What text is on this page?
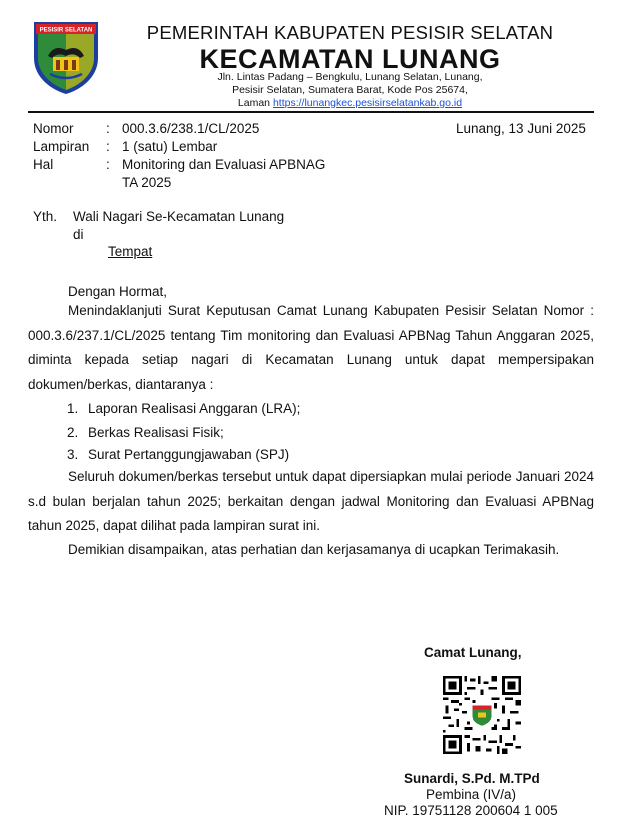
PESISIR SELATAN	PEMERINTAH KABUPATEN PESISIR SELATAN
KECAMATAN LUNANG
Jln. Lintas Padang – Bengkulu, Lunang Selatan, Lunang,
Pesisir Selatan, Sumatera Barat, Kode Pos 25674,
Laman https://lunangkec.pesisirselatankab.go.id
Nomor : 000.3.6/238.1/CL/2025	Lunang, 13 Juni 2025
Lampiran : 1 (satu) Lembar
Hal	: Monitoring dan Evaluasi APBNAG
TA 2025
Yth. Wali Nagari Se-Kecamatan Lunang
di
Tempat
Dengan Hormat,
Menindaklanjuti Surat Keputusan Camat Lunang Kabupaten Pesisir Selatan Nomor :
000.3.6/237.1/CL/2025 tentang Tim monitoring dan Evaluasi APBNag Tahun Anggaran 2025,
diminta kepada setiap nagari di Kecamatan Lunang untuk dapat mempersipakan
dokumen/berkas, diantaranya :
1. Laporan Realisasi Anggaran (LRA);
2. Berkas Realisasi Fisik;
3. Surat Pertanggungjawaban (SPJ)
Seluruh dokumen/berkas tersebut untuk dapat dipersiapkan mulai periode Januari 2024
s.d bulan berjalan tahun 2025; berkaitan dengan jadwal Monitoring dan Evaluasi APBNag
tahun 2025, dapat dilihat pada lampiran surat ini.
Demikian disampaikan, atas perhatian dan kerjasamanya di ucapkan Terimakasih.
Camat Lunang,
Sunardi, S.Pd. M.TPd
Pembina (IV/a)
NIP. 19751128 200604 1 005
